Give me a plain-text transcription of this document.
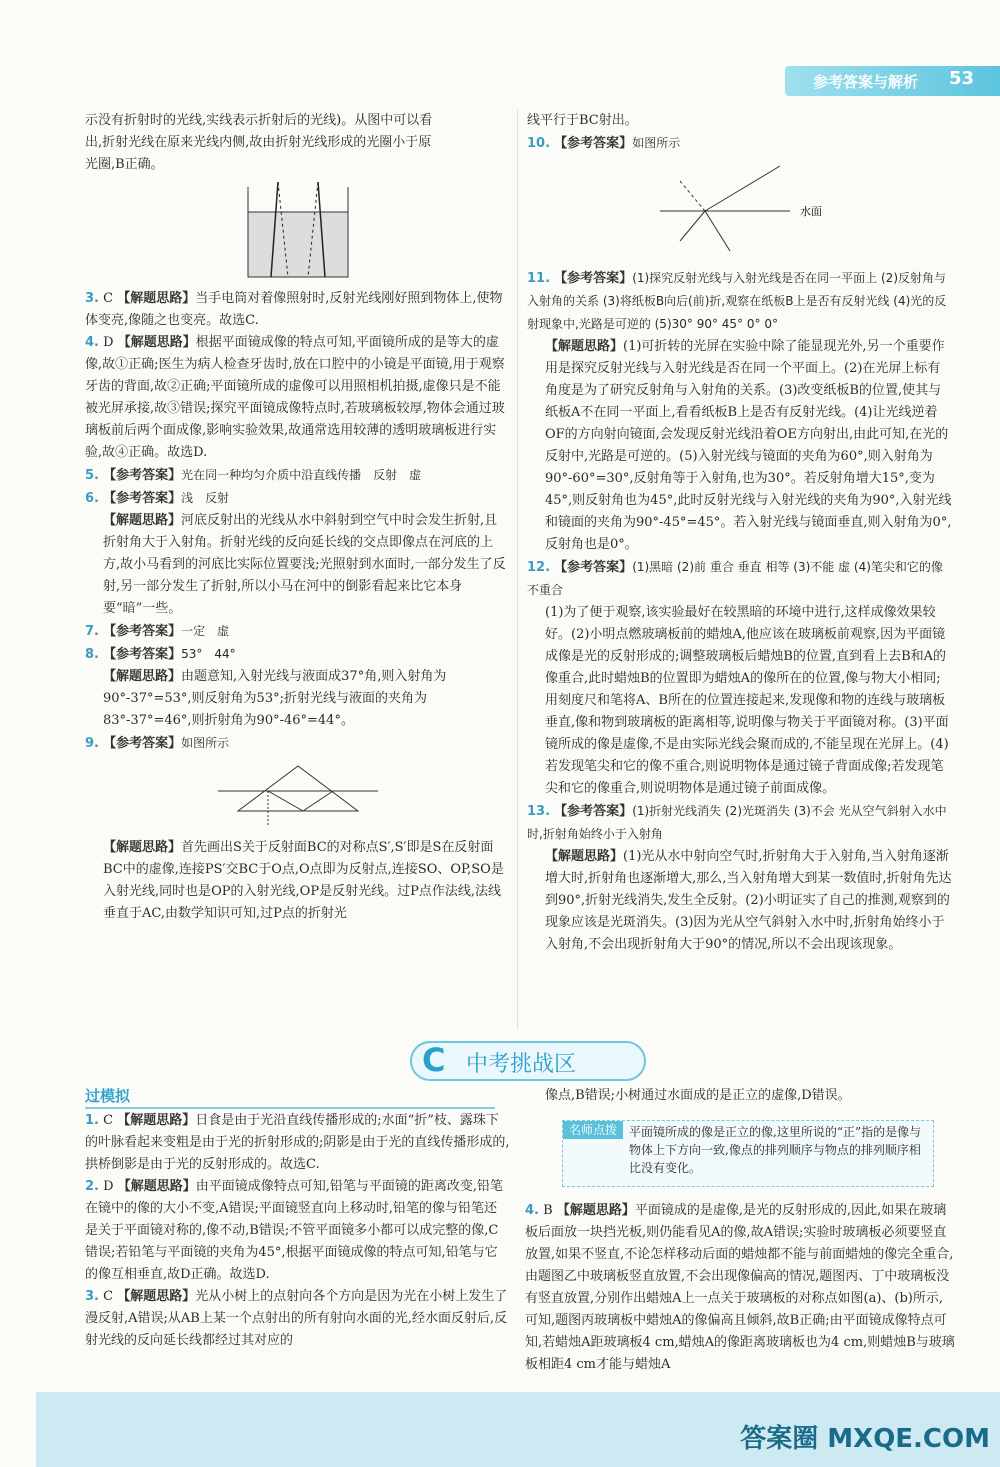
参考答案与解析 53

示没有折射时的光线,实线表示折射后的光线)。从图中可以看

出,折射光线在原来光线内侧,故由折射光线形成的光圈小于原

光圈,B正确。

3. C 【解题思路】当手电筒对着像照射时,反射光线刚好照到物体上,使物体变亮,像随之也变亮。故选C.

4. D 【解题思路】根据平面镜成像的特点可知,平面镜所成的是等大的虚像,故①正确;医生为病人检查牙齿时,放在口腔中的小镜是平面镜,用于观察牙齿的背面,故②正确;平面镜所成的虚像可以用照相机拍摄,虚像只是不能被光屏承接,故③错误;探究平面镜成像特点时,若玻璃板较厚,物体会通过玻璃板前后两个面成像,影响实验效果,故通常选用较薄的透明玻璃板进行实验,故④正确。故选D.

5. 【参考答案】光在同一种均匀介质中沿直线传播　反射　虚

6. 【参考答案】浅　反射

【解题思路】河底反射出的光线从水中斜射到空气中时会发生折射,且折射角大于入射角。折射光线的反向延长线的交点即像点在河底的上方,故小马看到的河底比实际位置要浅;光照射到水面时,一部分发生了反射,另一部分发生了折射,所以小马在河中的倒影看起来比它本身要“暗”一些。

7. 【参考答案】一定　虚

8. 【参考答案】53°　44°

【解题思路】由题意知,入射光线与液面成37°角,则入射角为90°-37°=53°,则反射角为53°;折射光线与液面的夹角为83°-37°=46°,则折射角为90°-46°=44°。

9. 【参考答案】如图所示

【解题思路】首先画出S关于反射面BC的对称点S′,S′即是S在反射面BC中的虚像,连接PS′交BC于O点,O点即为反射点,连接SO、OP,SO是入射光线,同时也是OP的入射光线,OP是反射光线。过P点作法线,法线垂直于AC,由数学知识可知,过P点的折射光

线平行于BC射出。

10. 【参考答案】如图所示

水面

11. 【参考答案】(1)探究反射光线与入射光线是否在同一平面上 (2)反射角与入射角的关系 (3)将纸板B向后(前)折,观察在纸板B上是否有反射光线 (4)光的反射现象中,光路是可逆的 (5)30° 90° 45° 0° 0°

【解题思路】(1)可折转的光屏在实验中除了能显现光外,另一个重要作用是探究反射光线与入射光线是否在同一个平面上。(2)在光屏上标有角度是为了研究反射角与入射角的关系。(3)改变纸板B的位置,使其与纸板A不在同一平面上,看看纸板B上是否有反射光线。(4)让光线逆着OF的方向射向镜面,会发现反射光线沿着OE方向射出,由此可知,在光的反射中,光路是可逆的。(5)入射光线与镜面的夹角为60°,则入射角为90°-60°=30°,反射角等于入射角,也为30°。若反射角增大15°,变为45°,则反射角也为45°,此时反射光线与入射光线的夹角为90°,入射光线和镜面的夹角为90°-45°=45°。若入射光线与镜面垂直,则入射角为0°,反射角也是0°。

12. 【参考答案】(1)黑暗 (2)前 重合 垂直 相等 (3)不能 虚 (4)笔尖和它的像不重合

(1)为了便于观察,该实验最好在较黑暗的环境中进行,这样成像效果较好。(2)小明点燃玻璃板前的蜡烛A,他应该在玻璃板前观察,因为平面镜成像是光的反射形成的;调整玻璃板后蜡烛B的位置,直到看上去B和A的像重合,此时蜡烛B的位置即为蜡烛A的像所在的位置,像与物大小相同;用刻度尺和笔将A、B所在的位置连接起来,发现像和物的连线与玻璃板垂直,像和物到玻璃板的距离相等,说明像与物关于平面镜对称。(3)平面镜所成的像是虚像,不是由实际光线会聚而成的,不能呈现在光屏上。(4)若发现笔尖和它的像不重合,则说明物体是通过镜子背面成像;若发现笔尖和它的像重合,则说明物体是通过镜子前面成像。

13. 【参考答案】(1)折射光线消失 (2)光斑消失 (3)不会 光从空气斜射入水中时,折射角始终小于入射角

【解题思路】(1)光从水中射向空气时,折射角大于入射角,当入射角逐渐增大时,折射角也逐渐增大,那么,当入射角增大到某一数值时,折射角先达到90°,折射光线消失,发生全反射。(2)小明证实了自己的推测,观察到的现象应该是光斑消失。(3)因为光从空气斜射入水中时,折射角始终小于入射角,不会出现折射角大于90°的情况,所以不会出现该现象。

C 中考挑战区
过模拟

1. C 【解题思路】日食是由于光沿直线传播形成的;水面“折”枝、露珠下的叶脉看起来变粗是由于光的折射形成的;阴影是由于光的直线传播形成的,拱桥倒影是由于光的反射形成的。故选C.

2. D 【解题思路】由平面镜成像特点可知,铅笔与平面镜的距离改变,铅笔在镜中的像的大小不变,A错误;平面镜竖直向上移动时,铅笔的像与铅笔还是关于平面镜对称的,像不动,B错误;不管平面镜多小都可以成完整的像,C错误;若铅笔与平面镜的夹角为45°,根据平面镜成像的特点可知,铅笔与它的像互相垂直,故D正确。故选D.

3. C 【解题思路】光从小树上的点射向各个方向是因为光在小树上发生了漫反射,A错误;从AB上某一个点射出的所有射向水面的光,经水面反射后,反射光线的反向延长线都经过其对应的

像点,B错误;小树通过水面成的是正立的虚像,D错误。

名师点拨	平面镜所成的像是正立的像,这里所说的“正”指的是像与物体上下方向一致,像点的排列顺序与物点的排列顺序相比没有变化。

4. B 【解题思路】平面镜成的是虚像,是光的反射形成的,因此,如果在玻璃板后面放一块挡光板,则仍能看见A的像,故A错误;实验时玻璃板必须要竖直放置,如果不竖直,不论怎样移动后面的蜡烛都不能与前面蜡烛的像完全重合,由题图乙中玻璃板竖直放置,不会出现像偏高的情况,题图丙、丁中玻璃板没有竖直放置,分别作出蜡烛A上一点关于玻璃板的对称点如图(a)、(b)所示,可知,题图丙玻璃板中蜡烛A的像偏高且倾斜,故B正确;由平面镜成像特点可知,若蜡烛A距玻璃板4 cm,蜡烛A的像距离玻璃板也为4 cm,则蜡烛B与玻璃板相距4 cm才能与蜡烛A

答案圈 MXQE.COM
